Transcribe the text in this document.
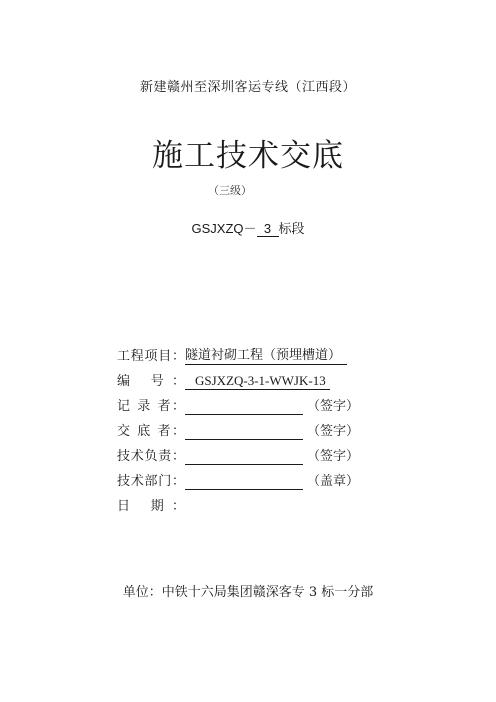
新建赣州至深圳客运专线（江西段）
施工技术交底
（三级）
GSJXZQ－ 3 标段
工程项目：隧道衬砌工程（预埋槽道）
编 号： GSJXZQ-3-1-WWJK-13
记 录 者：	（签字）
交 底 者：	（签字）
技术负责：	（签字）
技术部门：	（盖章）
日 期：
单位：中铁十六局集团赣深客专 3 标一分部
